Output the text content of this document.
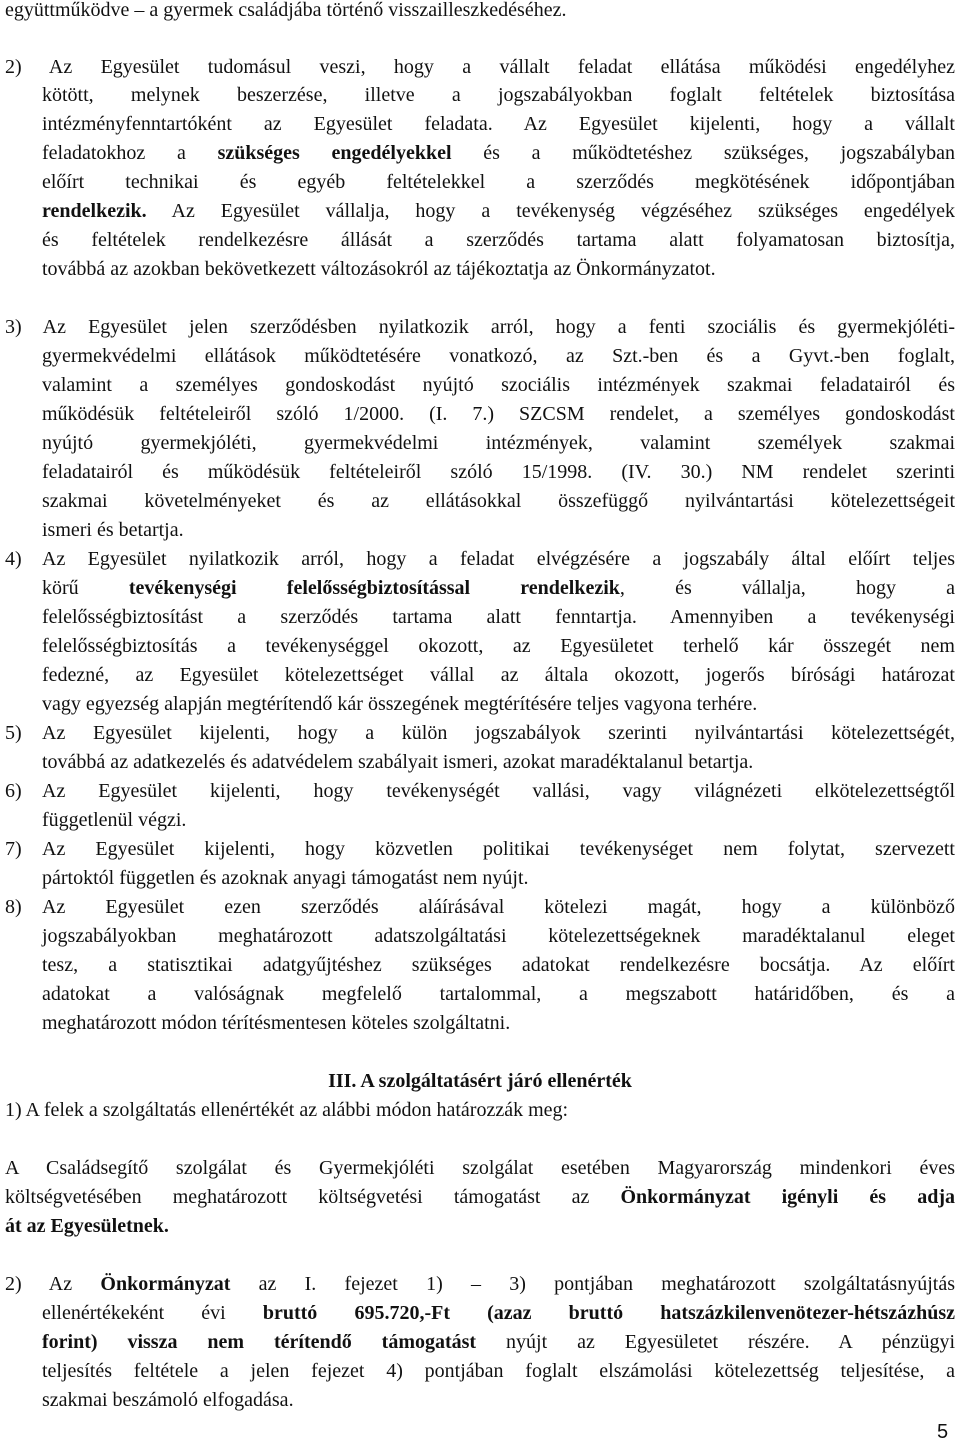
együttműködve – a gyermek családjába történő visszailleszkedéséhez.
2) Az Egyesület tudomásul veszi, hogy a vállalt feladat ellátása működési engedélyhez
kötött, melynek beszerzése, illetve a jogszabályokban foglalt feltételek biztosítása
intézményfenntartóként az Egyesület feladata. Az Egyesület kijelenti, hogy a vállalt
feladatokhoz a szükséges engedélyekkel és a működtetéshez szükséges, jogszabályban
előírt technikai és egyéb feltételekkel a szerződés megkötésének időpontjában
rendelkezik. Az Egyesület vállalja, hogy a tevékenység végzéséhez szükséges engedélyek
és feltételek rendelkezésre állását a szerződés tartama alatt folyamatosan biztosítja,
továbbá az azokban bekövetkezett változásokról az tájékoztatja az Önkormányzatot.
3) Az Egyesület jelen szerződésben nyilatkozik arról, hogy a fenti szociális és gyermekjóléti-
gyermekvédelmi ellátások működtetésére vonatkozó, az Szt.-ben és a Gyvt.-ben foglalt,
valamint a személyes gondoskodást nyújtó szociális intézmények szakmai feladatairól és
működésük feltételeiről szóló 1/2000. (I. 7.) SZCSM rendelet, a személyes gondoskodást
nyújtó gyermekjóléti, gyermekvédelmi intézmények, valamint személyek szakmai
feladatairól és működésük feltételeiről szóló 15/1998. (IV. 30.) NM rendelet szerinti
szakmai követelményeket és az ellátásokkal összefüggő nyilvántartási kötelezettségeit
ismeri és betartja.
4) Az Egyesület nyilatkozik arról, hogy a feladat elvégzésére a jogszabály által előírt teljes
körű	tevékenységi felelősségbiztosítással rendelkezik, és vállalja, hogy a
felelősségbiztosítást a szerződés tartama alatt fenntartja. Amennyiben a tevékenységi
felelősségbiztosítás a tevékenységgel okozott, az Egyesületet terhelő kár összegét nem
fedezné, az Egyesület kötelezettséget vállal az általa okozott, jogerős bírósági határozat
vagy egyezség alapján megtérítendő kár összegének megtérítésére teljes vagyona terhére.
5) Az Egyesület kijelenti, hogy a külön jogszabályok szerinti nyilvántartási kötelezettségét,
továbbá az adatkezelés és adatvédelem szabályait ismeri, azokat maradéktalanul betartja.
6) Az Egyesület kijelenti, hogy tevékenységét vallási, vagy világnézeti elkötelezettségtől
függetlenül végzi.
7) Az Egyesület kijelenti, hogy közvetlen politikai tevékenységet nem folytat, szervezett
pártoktól független és azoknak anyagi támogatást nem nyújt.
8) Az Egyesület ezen szerződés aláírásával kötelezi magát, hogy a különböző
jogszabályokban meghatározott adatszolgáltatási kötelezettségeknek maradéktalanul eleget
tesz, a statisztikai adatgyűjtéshez szükséges adatokat rendelkezésre bocsátja. Az előírt
adatokat a valóságnak megfelelő tartalommal, a megszabott határidőben, és a
meghatározott módon térítésmentesen köteles szolgáltatni.
III. A szolgáltatásért járó ellenérték
1) A felek a szolgáltatás ellenértékét az alábbi módon határozzák meg:
A Családsegítő szolgálat és Gyermekjóléti szolgálat esetében Magyarország mindenkori éves
költségvetésében meghatározott költségvetési támogatást az Önkormányzat igényli és adja
át az Egyesületnek.
2) Az Önkormányzat az I. fejezet 1) – 3) pontjában meghatározott szolgáltatásnyújtás
ellenértékeként évi bruttó 695.720,-Ft (azaz bruttó hatszázkilenvenötezer-hétszázhúsz
forint) vissza nem térítendő támogatást nyújt az Egyesületet részére. A pénzügyi
teljesítés feltétele a jelen fejezet 4) pontjában foglalt elszámolási kötelezettség teljesítése, a
szakmai beszámoló elfogadása.
5
